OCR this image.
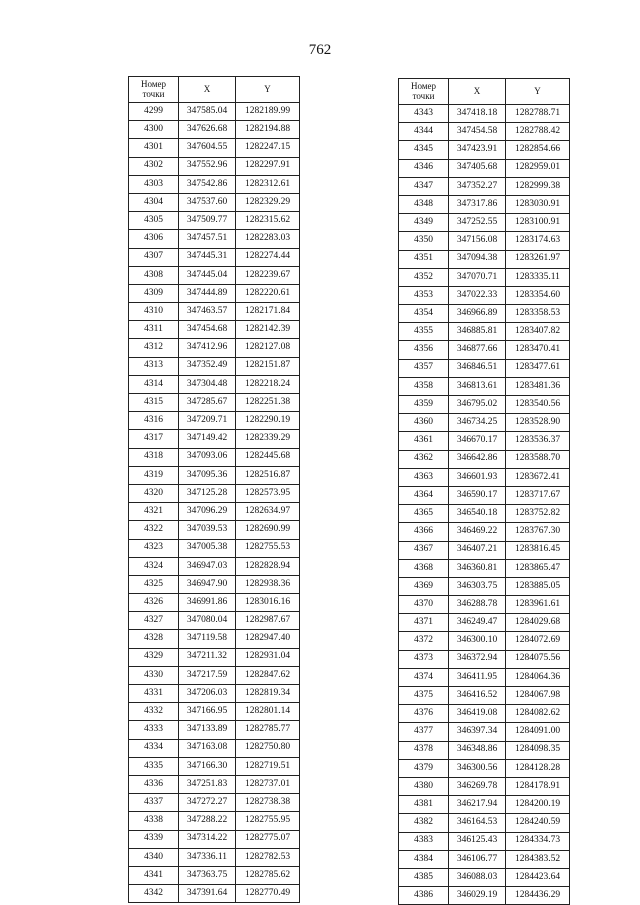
762
Номер точки	X	Y
4299	347585.04	1282189.99
4300	347626.68	1282194.88
4301	347604.55	1282247.15
4302	347552.96	1282297.91
4303	347542.86	1282312.61
4304	347537.60	1282329.29
4305	347509.77	1282315.62
4306	347457.51	1282283.03
4307	347445.31	1282274.44
4308	347445.04	1282239.67
4309	347444.89	1282220.61
4310	347463.57	1282171.84
4311	347454.68	1282142.39
4312	347412.96	1282127.08
4313	347352.49	1282151.87
4314	347304.48	1282218.24
4315	347285.67	1282251.38
4316	347209.71	1282290.19
4317	347149.42	1282339.29
4318	347093.06	1282445.68
4319	347095.36	1282516.87
4320	347125.28	1282573.95
4321	347096.29	1282634.97
4322	347039.53	1282690.99
4323	347005.38	1282755.53
4324	346947.03	1282828.94
4325	346947.90	1282938.36
4326	346991.86	1283016.16
4327	347080.04	1282987.67
4328	347119.58	1282947.40
4329	347211.32	1282931.04
4330	347217.59	1282847.62
4331	347206.03	1282819.34
4332	347166.95	1282801.14
4333	347133.89	1282785.77
4334	347163.08	1282750.80
4335	347166.30	1282719.51
4336	347251.83	1282737.01
4337	347272.27	1282738.38
4338	347288.22	1282755.95
4339	347314.22	1282775.07
4340	347336.11	1282782.53
4341	347363.75	1282785.62
4342	347391.64	1282770.49
Номер точки	X	Y
4343	347418.18	1282788.71
4344	347454.58	1282788.42
4345	347423.91	1282854.66
4346	347405.68	1282959.01
4347	347352.27	1282999.38
4348	347317.86	1283030.91
4349	347252.55	1283100.91
4350	347156.08	1283174.63
4351	347094.38	1283261.97
4352	347070.71	1283335.11
4353	347022.33	1283354.60
4354	346966.89	1283358.53
4355	346885.81	1283407.82
4356	346877.66	1283470.41
4357	346846.51	1283477.61
4358	346813.61	1283481.36
4359	346795.02	1283540.56
4360	346734.25	1283528.90
4361	346670.17	1283536.37
4362	346642.86	1283588.70
4363	346601.93	1283672.41
4364	346590.17	1283717.67
4365	346540.18	1283752.82
4366	346469.22	1283767.30
4367	346407.21	1283816.45
4368	346360.81	1283865.47
4369	346303.75	1283885.05
4370	346288.78	1283961.61
4371	346249.47	1284029.68
4372	346300.10	1284072.69
4373	346372.94	1284075.56
4374	346411.95	1284064.36
4375	346416.52	1284067.98
4376	346419.08	1284082.62
4377	346397.34	1284091.00
4378	346348.86	1284098.35
4379	346300.56	1284128.28
4380	346269.78	1284178.91
4381	346217.94	1284200.19
4382	346164.53	1284240.59
4383	346125.43	1284334.73
4384	346106.77	1284383.52
4385	346088.03	1284423.64
4386	346029.19	1284436.29
